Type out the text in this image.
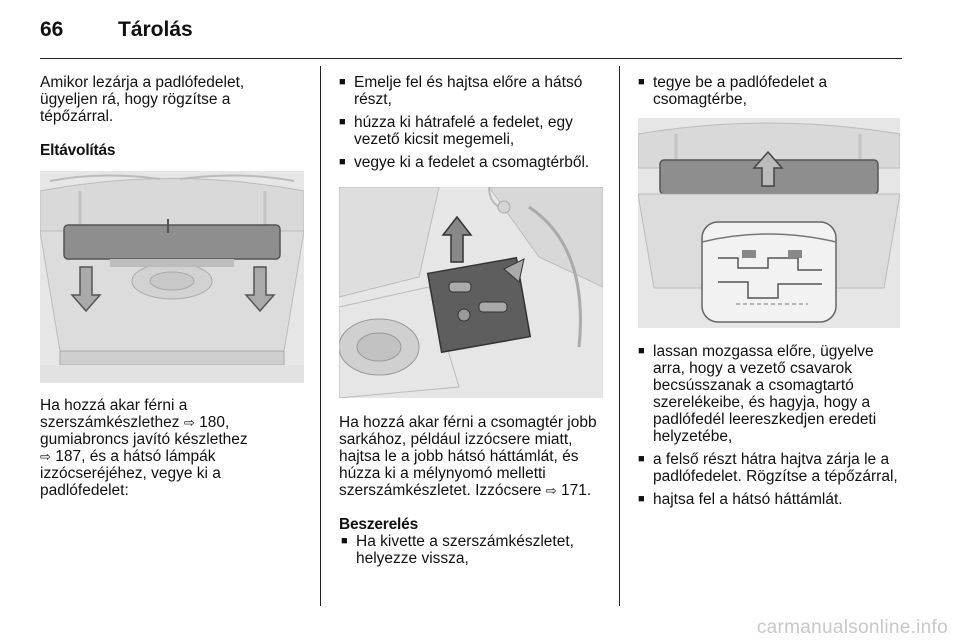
66	Tárolás

Amikor lezárja a padlófedelet, ügyeljen rá, hogy rögzítse a tépőzárral.

Eltávolítás

Ha hozzá akar férni a

szerszámkészlethez ⇨ 180,

gumiabroncs javító készlethez

⇨ 187, és a hátsó lámpák

izzócseréjéhez, vegye ki a

padlófedelet:

■ Emelje fel és hajtsa előre a hátsó részt,
■ húzza ki hátrafelé a fedelet, egy vezető kicsit megemeli,
■ vegye ki a fedelet a csomagtérből.

Ha hozzá akar férni a csomagtér jobb sarkához, például izzócsere miatt, hajtsa le a jobb hátsó háttámlát, és húzza ki a mélynyomó melletti szerszámkészletet. Izzócsere ⇨ 171.

Beszerelés

■ Ha kivette a szerszámkészletet, helyezze vissza,
■ tegye be a padlófedelet a csomagtérbe,
■ lassan mozgassa előre, ügyelve arra, hogy a vezető csavarok becsússzanak a csomagtartó szerelékeibe, és hagyja, hogy a padlófedél leereszkedjen eredeti helyzetébe,
■ a felső részt hátra hajtva zárja le a padlófedelet. Rögzítse a tépőzárral,
■ hajtsa fel a hátsó háttámlát.
carmanualsonline.info
